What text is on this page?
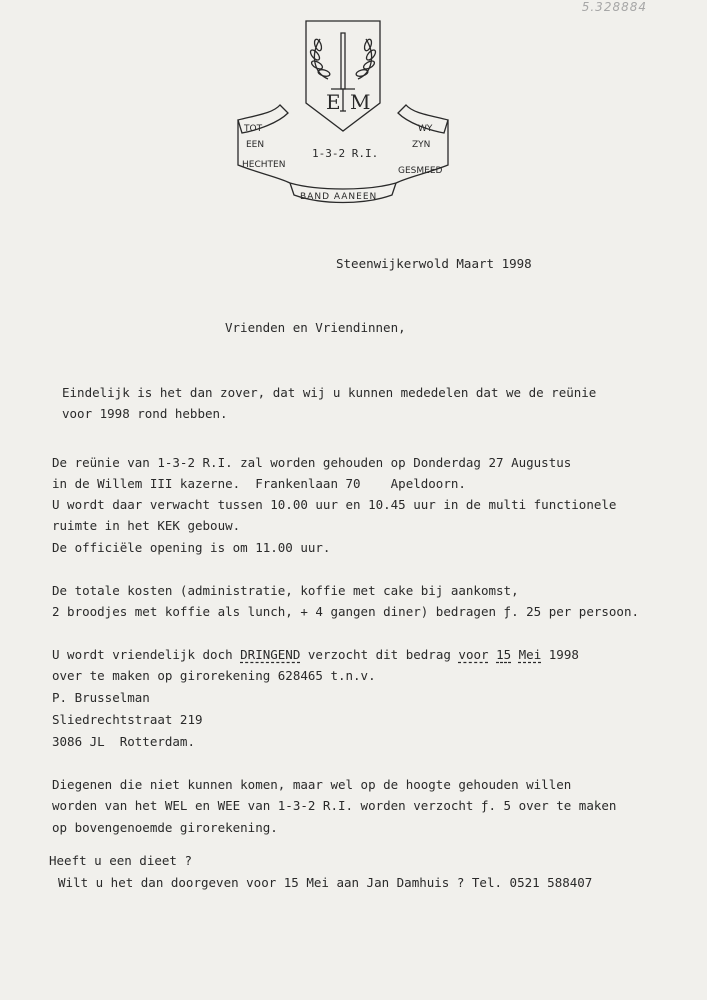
5.328884
E M
TOT
EEN
HECHTEN
BAND AANEEN
WY
ZYN
GESMEED
1-3-2 R.I.
Steenwijkerwold Maart 1998
Vrienden en Vriendinnen,
Eindelijk is het dan zover, dat wij u kunnen mededelen dat we de reünie
voor 1998 rond hebben.
De reünie van 1-3-2 R.I. zal worden gehouden op Donderdag 27 Augustus
in de Willem III kazerne.  Frankenlaan 70    Apeldoorn.
U wordt daar verwacht tussen 10.00 uur en 10.45 uur in de multi functionele
ruimte in het KEK gebouw.
De officiële opening is om 11.00 uur.
De totale kosten (administratie, koffie met cake bij aankomst,
2 broodjes met koffie als lunch, + 4 gangen diner) bedragen ƒ. 25 per persoon.
U wordt vriendelijk doch DRINGEND verzocht dit bedrag voor 15 Mei 1998
over te maken op girorekening 628465 t.n.v.
P. Brusselman
Sliedrechtstraat 219
3086 JL  Rotterdam.
Diegenen die niet kunnen komen, maar wel op de hoogte gehouden willen
worden van het WEL en WEE van 1-3-2 R.I. worden verzocht ƒ. 5 over te maken
op bovengenoemde girorekening.
Heeft u een dieet ?
Wilt u het dan doorgeven voor 15 Mei aan Jan Damhuis ? Tel. 0521 588407
